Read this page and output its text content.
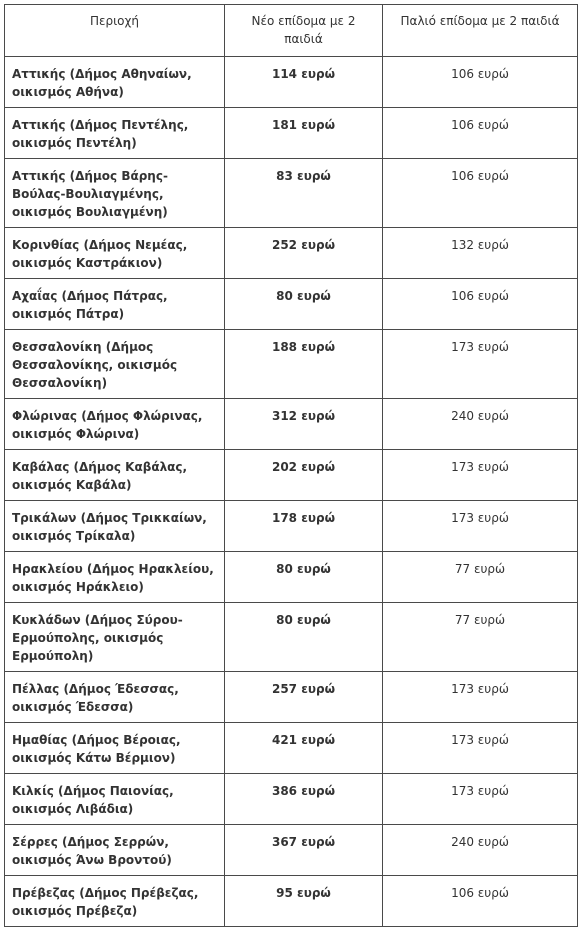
Περιοχή	Νέο επίδομα με 2 παιδιά	Παλιό επίδομα με 2 παιδιά
Αττικής (Δήμος Αθηναίων, οικισμός Αθήνα)	114 ευρώ	106 ευρώ
Αττικής (Δήμος Πεντέλης, οικισμός Πεντέλη)	181 ευρώ	106 ευρώ
Αττικής (Δήμος Βάρης-Βούλας-Βουλιαγμένης, οικισμός Βουλιαγμένη)	83 ευρώ	106 ευρώ
Κορινθίας (Δήμος Νεμέας, οικισμός Καστράκιον)	252 ευρώ	132 ευρώ
Αχαΐας (Δήμος Πάτρας, οικισμός Πάτρα)	80 ευρώ	106 ευρώ
Θεσσαλονίκη (Δήμος Θεσσαλονίκης, οικισμός Θεσσαλονίκη)	188 ευρώ	173 ευρώ
Φλώρινας (Δήμος Φλώρινας, οικισμός Φλώρινα)	312 ευρώ	240 ευρώ
Καβάλας (Δήμος Καβάλας, οικισμός Καβάλα)	202 ευρώ	173 ευρώ
Τρικάλων (Δήμος Τρικκαίων, οικισμός Τρίκαλα)	178 ευρώ	173 ευρώ
Ηρακλείου (Δήμος Ηρακλείου, οικισμός Ηράκλειο)	80 ευρώ	77 ευρώ
Κυκλάδων (Δήμος Σύρου-Ερμούπολης, οικισμός Ερμούπολη)	80 ευρώ	77 ευρώ
Πέλλας (Δήμος Έδεσσας, οικισμός Έδεσσα)	257 ευρώ	173 ευρώ
Ημαθίας (Δήμος Βέροιας, οικισμός Κάτω Βέρμιον)	421 ευρώ	173 ευρώ
Κιλκίς (Δήμος Παιονίας, οικισμός Λιβάδια)	386 ευρώ	173 ευρώ
Σέρρες (Δήμος Σερρών, οικισμός Άνω Βροντού)	367 ευρώ	240 ευρώ
Πρέβεζας (Δήμος Πρέβεζας, οικισμός Πρέβεζα)	95 ευρώ	106 ευρώ
